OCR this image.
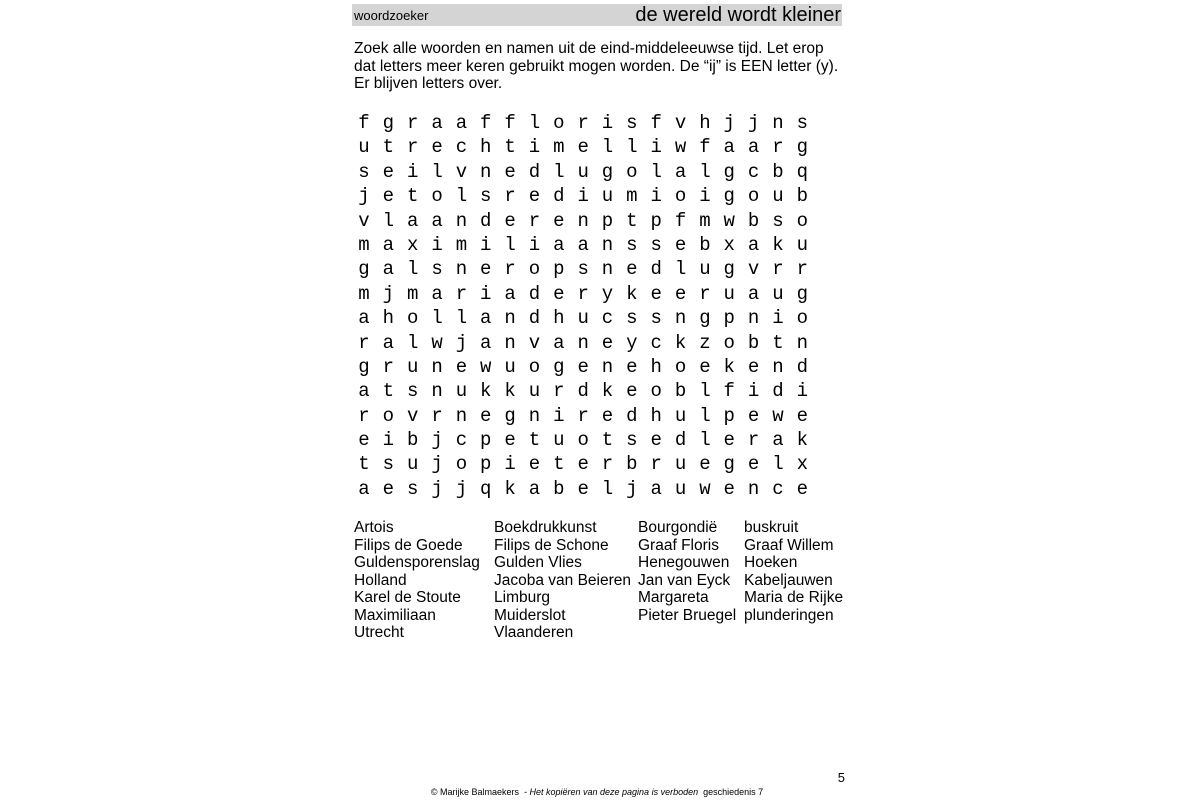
woordzoeker	de wereld wordt kleiner

Zoek alle woorden en namen uit de eind-middeleeuwse tijd. Let erop dat letters meer keren gebruikt mogen worden. De “ij” is EEN letter (y). Er blijven letters over.

f g r a a f f l o r i s f v h j j n s
u t r e c h t i m e l l i w f a a r g
s e i l v n e d l u g o l a l g c b q
j e t o l s r e d i u m i o i g o u b
v l a a n d e r e n p t p f m w b s o
m a x i m i l i a a n s s e b x a k u
g a l s n e r o p s n e d l u g v r r
m j m a r i a d e r y k e e r u a u g
a h o l l a n d h u c s s n g p n i o
r a l w j a n v a n e y c k z o b t n
g r u n e w u o g e n e h o e k e n d
a t s n u k k u r d k e o b l f i d i
r o v r n e g n i r e d h u l p e w e
e i b j c p e t u o t s e d l e r a k
t s u j o p i e t e r b r u e g e l x
a e s j j q k a b e l j a u w e n c e
Artois
Filips de Goede
Guldensporenslag
Holland
Karel de Stoute
Maximiliaan
Utrecht
Boekdrukkunst
Filips de Schone
Gulden Vlies
Jacoba van Beieren
Limburg
Muiderslot
Vlaanderen
Bourgondië
Graaf Floris
Henegouwen
Jan van Eyck
Margareta
Pieter Bruegel
buskruit
Graaf Willem
Hoeken
Kabeljauwen
Maria de Rijke
plunderingen
5
© Marijke Balmaekers - Het kopiëren van deze pagina is verboden geschiedenis 7
